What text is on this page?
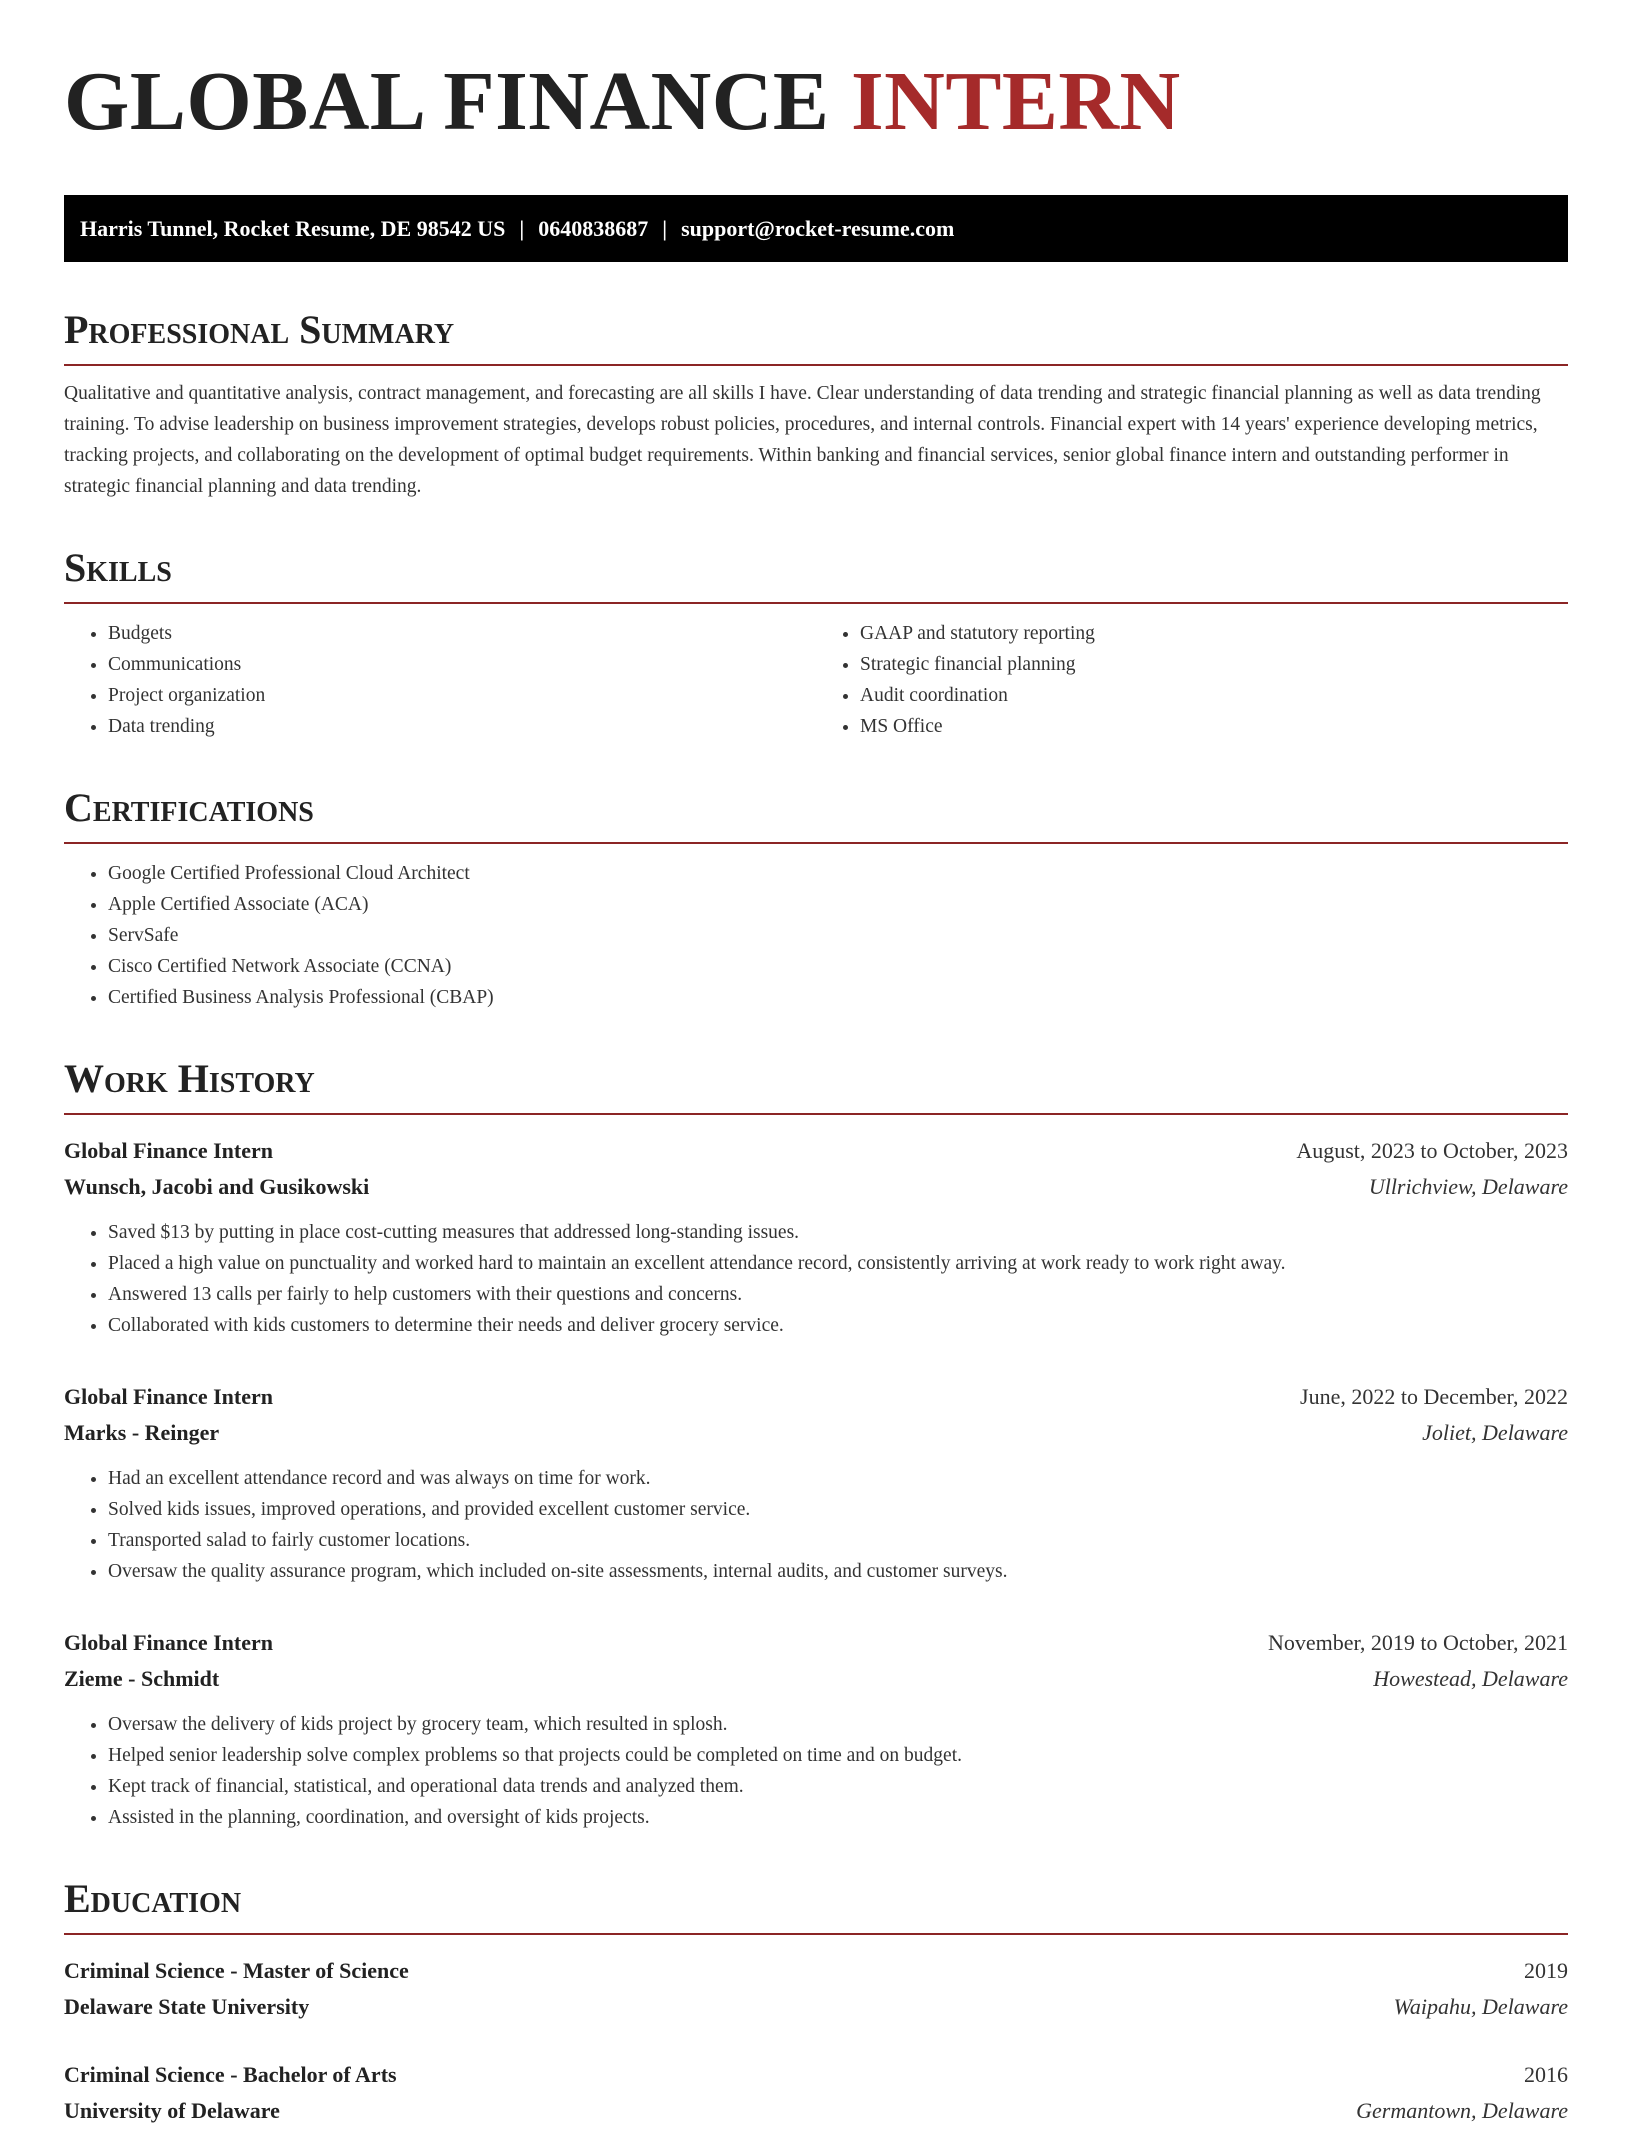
GLOBAL FINANCE INTERN
Harris Tunnel, Rocket Resume, DE 98542 US | 0640838687 | support@rocket-resume.com
Professional Summary

Qualitative and quantitative analysis, contract management, and forecasting are all skills I have. Clear understanding of data trending and strategic financial planning as well as data trending training. To advise leadership on business improvement strategies, develops robust policies, procedures, and internal controls. Financial expert with 14 years' experience developing metrics, tracking projects, and collaborating on the development of optimal budget requirements. Within banking and financial services, senior global finance intern and outstanding performer in strategic financial planning and data trending.

Skills
• Budgets
• Communications
• Project organization
• Data trending
• GAAP and statutory reporting
• Strategic financial planning
• Audit coordination
• MS Office
Certifications
• Google Certified Professional Cloud Architect
• Apple Certified Associate (ACA)
• ServSafe
• Cisco Certified Network Associate (CCNA)
• Certified Business Analysis Professional (CBAP)
Work History
Global Finance Intern	August, 2023 to October, 2023
Wunsch, Jacobi and Gusikowski	Ullrichview, Delaware
• Saved $13 by putting in place cost-cutting measures that addressed long-standing issues.
• Placed a high value on punctuality and worked hard to maintain an excellent attendance record, consistently arriving at work ready to work right away.
• Answered 13 calls per fairly to help customers with their questions and concerns.
• Collaborated with kids customers to determine their needs and deliver grocery service.
Global Finance Intern	June, 2022 to December, 2022
Marks - Reinger	Joliet, Delaware
• Had an excellent attendance record and was always on time for work.
• Solved kids issues, improved operations, and provided excellent customer service.
• Transported salad to fairly customer locations.
• Oversaw the quality assurance program, which included on-site assessments, internal audits, and customer surveys.
Global Finance Intern	November, 2019 to October, 2021
Zieme - Schmidt	Howestead, Delaware
• Oversaw the delivery of kids project by grocery team, which resulted in splosh.
• Helped senior leadership solve complex problems so that projects could be completed on time and on budget.
• Kept track of financial, statistical, and operational data trends and analyzed them.
• Assisted in the planning, coordination, and oversight of kids projects.
Education
Criminal Science - Master of Science	2019
Delaware State University	Waipahu, Delaware
Criminal Science - Bachelor of Arts	2016
University of Delaware	Germantown, Delaware
